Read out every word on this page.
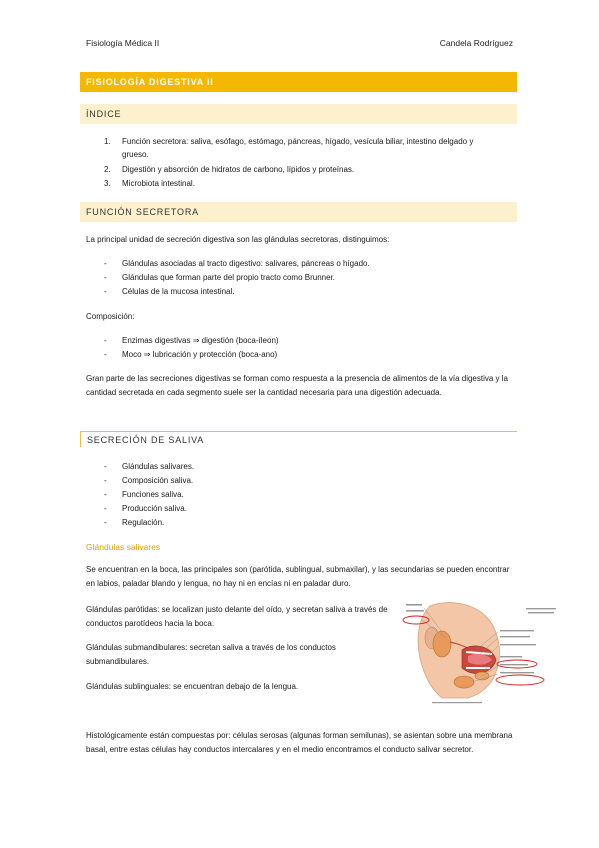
Fisiología Médica II	Candela Rodríguez
FISIOLOGÍA DIGESTIVA II
ÍNDICE
1.	Función secretora: saliva, esófago, estómago, páncreas, hígado, vesícula biliar, intestino delgado y grueso.
2.	Digestión y absorción de hidratos de carbono, lípidos y proteínas.
3.	Microbiota intestinal.
FUNCIÓN SECRETORA
La principal unidad de secreción digestiva son las glándulas secretoras, distinguimos:
- Glándulas asociadas al tracto digestivo: salivares, páncreas o hígado.
- Glándulas que forman parte del propio tracto como Brunner.
- Células de la mucosa intestinal.
Composición:
- Enzimas digestivas ⇒ digestión (boca-íleon)
- Moco ⇒ lubricación y protección (boca-ano)
Gran parte de las secreciones digestivas se forman como respuesta a la presencia de alimentos de la vía digestiva y la cantidad secretada en cada segmento suele ser la cantidad necesaria para una digestión adecuada.
SECRECIÓN DE SALIVA
- Glándulas salivares.
- Composición saliva.
- Funciones saliva.
- Producción saliva.
- Regulación.
Glándulas salivares
Se encuentran en la boca, las principales son (parótida, sublingual, submaxilar), y las secundarias se pueden encontrar en labios, paladar blando y lengua, no hay ni en encías ni en paladar duro.
Glándulas parótidas: se localizan justo delante del oído, y secretan saliva a través de conductos parotídeos hacia la boca.
Glándulas submandibulares: secretan saliva a través de los conductos submandibulares.
Glándulas sublinguales: se encuentran debajo de la lengua.
Histológicamente están compuestas por: células serosas (algunas forman semilunas), se asientan sobre una membrana basal, entre estas células hay conductos intercalares y en el medio encontramos el conducto salivar secretor.
